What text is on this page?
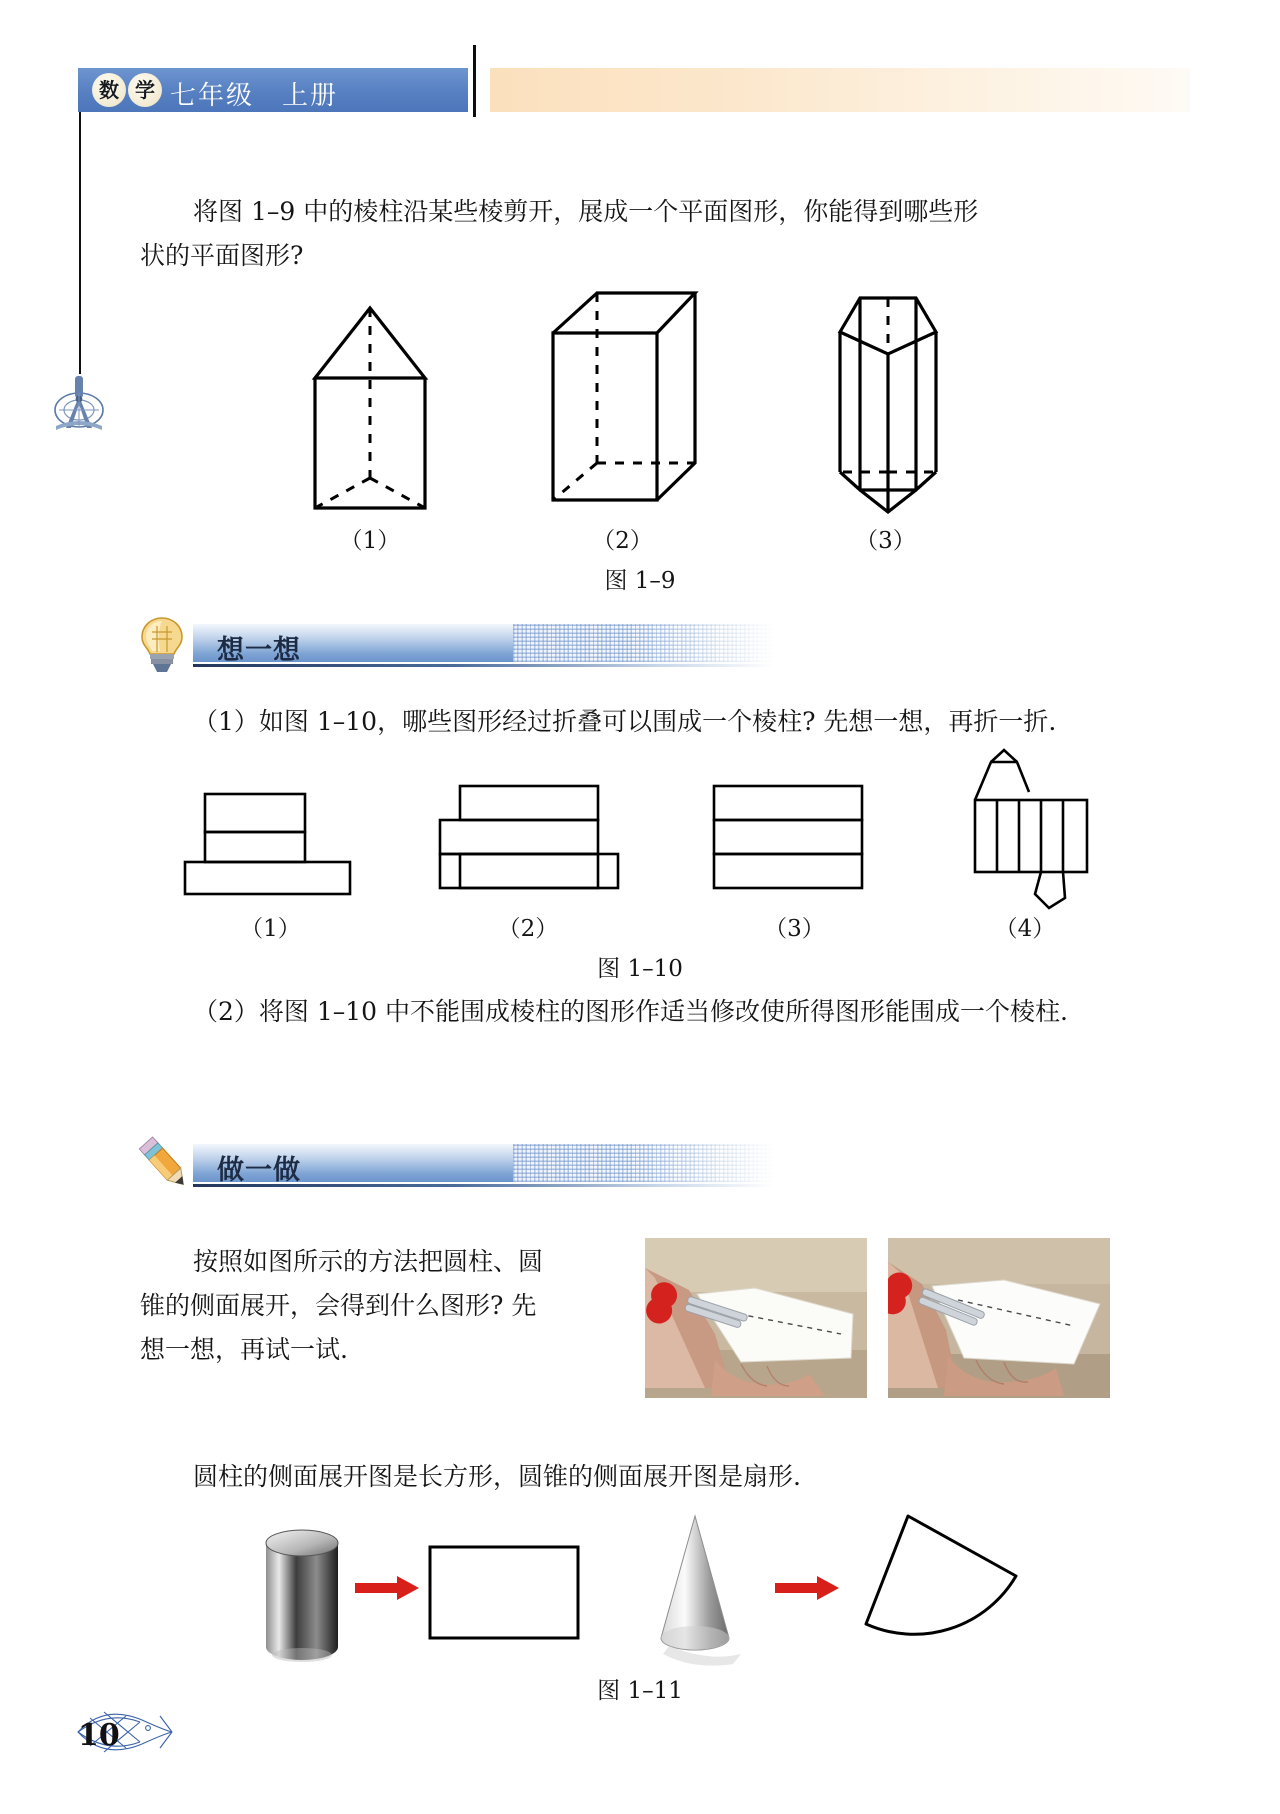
数 学 七年级　上册
将图 1–9 中的棱柱沿某些棱剪开，展成一个平面图形，你能得到哪些形
状的平面图形?
（1）	（2）	（3）
图 1–9
想一想
（1）如图 1–10，哪些图形经过折叠可以围成一个棱柱? 先想一想，再折一折.
（1）	（2）	（3）	（4）
图 1–10
（2）将图 1–10 中不能围成棱柱的图形作适当修改使所得图形能围成一个棱柱.
做一做
按照如图所示的方法把圆柱、圆
锥的侧面展开，会得到什么图形? 先
想一想，再试一试.
圆柱的侧面展开图是长方形，圆锥的侧面展开图是扇形.
图 1–11
10
